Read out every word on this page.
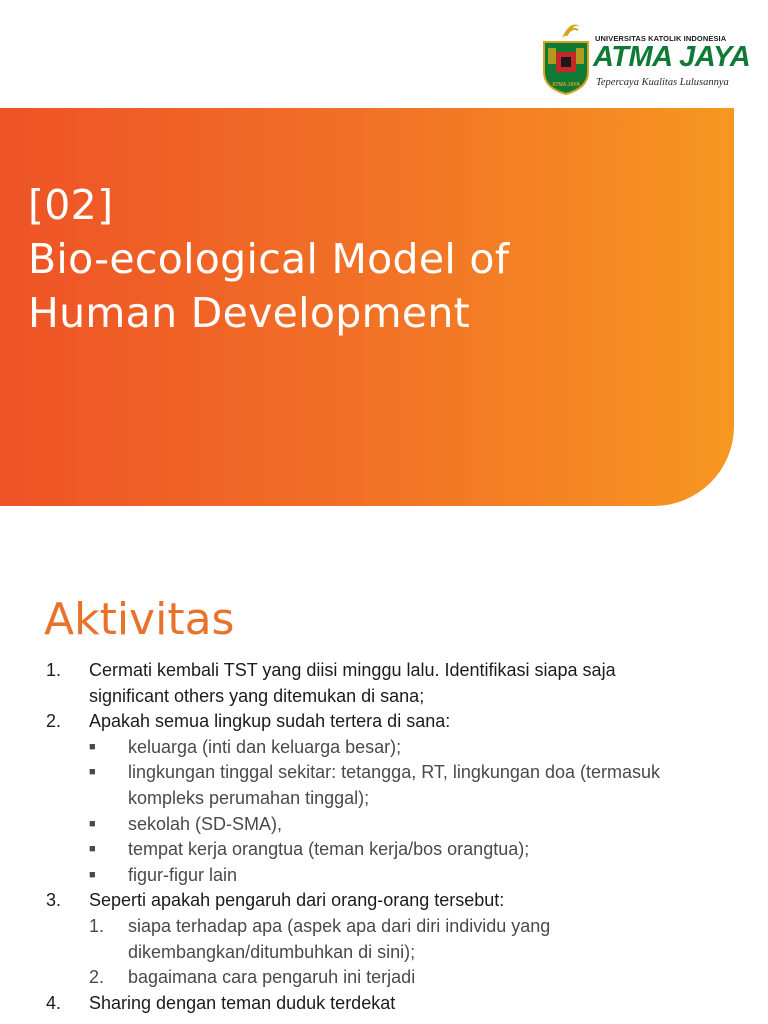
ATMA JAYA
UNIVERSITAS KATOLIK INDONESIA
ATMA JAYA
Tepercaya Kualitas Lulusannya
[02]
Bio-ecological Model of
Human Development
Aktivitas
1. Cermati kembali TST yang diisi minggu lalu. Identifikasi siapa saja
significant others yang ditemukan di sana;
2. Apakah semua lingkup sudah tertera di sana:
■ keluarga (inti dan keluarga besar);
■ lingkungan tinggal sekitar: tetangga, RT, lingkungan doa (termasuk
kompleks perumahan tinggal);
■ sekolah (SD-SMA),
■ tempat kerja orangtua (teman kerja/bos orangtua);
■ figur-figur lain
3. Seperti apakah pengaruh dari orang-orang tersebut:
1. siapa terhadap apa (aspek apa dari diri individu yang
dikembangkan/ditumbuhkan di sini);
2. bagaimana cara pengaruh ini terjadi
4. Sharing dengan teman duduk terdekat
